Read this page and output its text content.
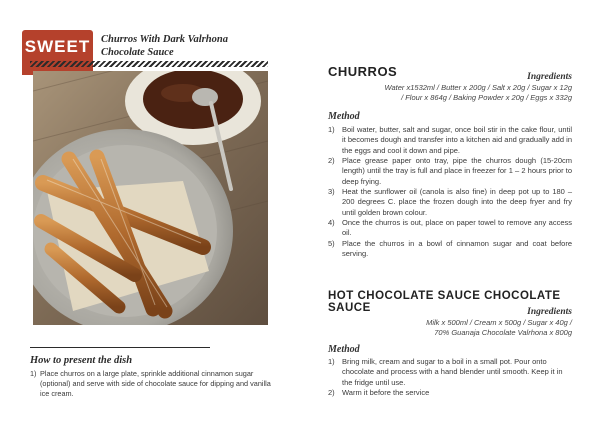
SWEET Churros With Dark Valrhona
Chocolate Sauce
How to present the dish
1) Place churros on a large plate, sprinkle additional cinnamon sugar (optional) and serve with side of chocolate sauce for dipping and vanilla ice cream.
CHURROS	Ingredients
Water x1532ml / Butter x 200g / Salt x 20g / Sugar x 12g
/ Flour x 864g / Baking Powder x 20g / Eggs x 332g
Method
1) Boil water, butter, salt and sugar, once boil stir in the cake flour, until it becomes dough and transfer into a kitchen aid and gradually add in the eggs and cool it down and pipe.
2) Place grease paper onto tray, pipe the churros dough (15-20cm length) until the tray is full and place in freezer for 1 – 2 hours prior to deep frying.
3) Heat the sunflower oil (canola is also fine) in deep pot up to 180 – 200 degrees C. place the frozen dough into the deep fryer and fry until golden brown colour.
4) Once the churros is out, place on paper towel to remove any access oil.
5) Place the churros in a bowl of cinnamon sugar and coat before serving.
HOT CHOCOLATE SAUCE CHOCOLATE SAUCE	Ingredients
Milk x 500ml / Cream x 500g / Sugar x 40g /
70% Guanaja Chocolate Valrhona x 800g
Method
1) Bring milk, cream and sugar to a boil in a small pot. Pour onto chocolate and process with a hand blender until smooth. Keep it in the fridge until use.
2) Warm it before the service
